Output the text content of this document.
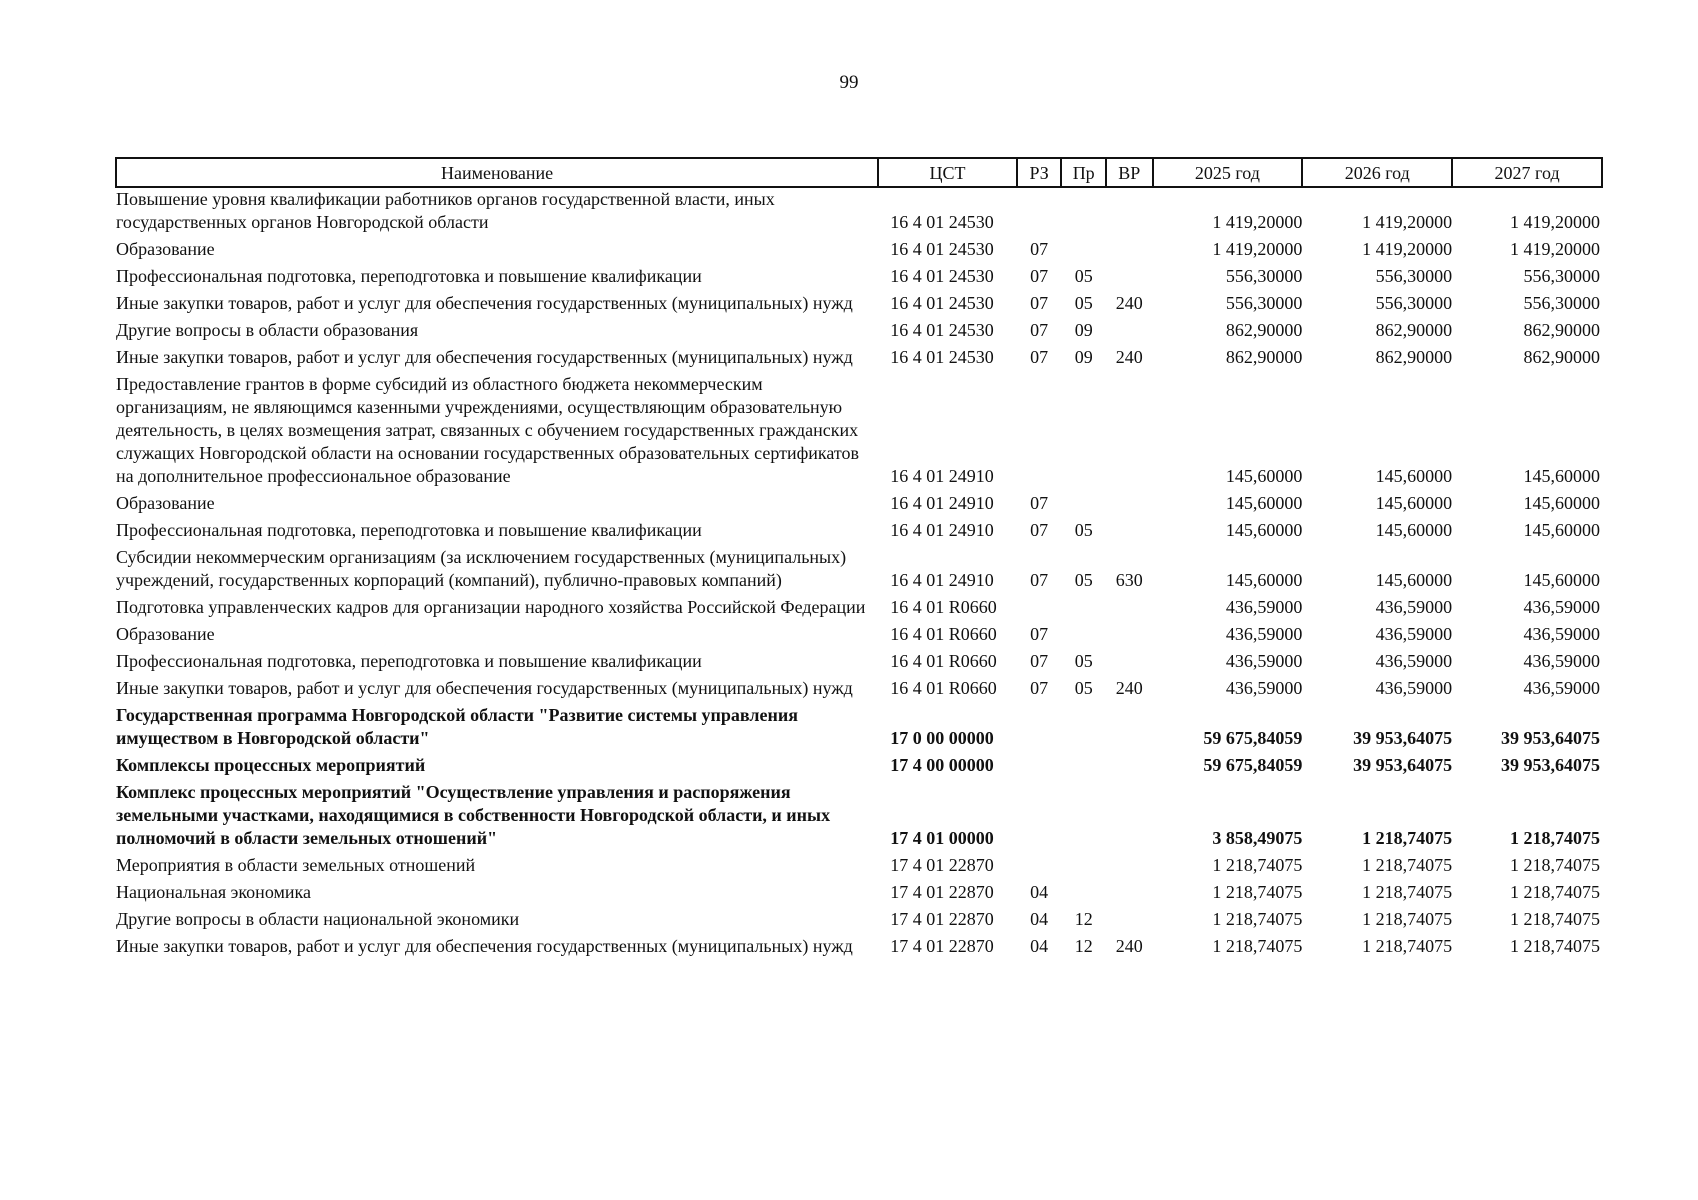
99
Наименование	ЦСТ	РЗ	Пр	ВР	2025 год	2026 год	2027 год
Повышение уровня квалификации работников органов государственной власти, иных государственных органов Новгородской области	16 4 01 24530				1 419,20000	1 419,20000	1 419,20000
Образование	16 4 01 24530	07			1 419,20000	1 419,20000	1 419,20000
Профессиональная подготовка, переподготовка и повышение квалификации	16 4 01 24530	07	05		556,30000	556,30000	556,30000
Иные закупки товаров, работ и услуг для обеспечения государственных (муниципальных) нужд	16 4 01 24530	07	05	240	556,30000	556,30000	556,30000
Другие вопросы в области образования	16 4 01 24530	07	09		862,90000	862,90000	862,90000
Иные закупки товаров, работ и услуг для обеспечения государственных (муниципальных) нужд	16 4 01 24530	07	09	240	862,90000	862,90000	862,90000
Предоставление грантов в форме субсидий из областного бюджета некоммерческим организациям, не являющимся казенными учреждениями, осуществляющим образовательную деятельность, в целях возмещения затрат, связанных с обучением государственных гражданских служащих Новгородской области на основании государственных образовательных сертификатов на дополнительное профессиональное образование	16 4 01 24910				145,60000	145,60000	145,60000
Образование	16 4 01 24910	07			145,60000	145,60000	145,60000
Профессиональная подготовка, переподготовка и повышение квалификации	16 4 01 24910	07	05		145,60000	145,60000	145,60000
Субсидии некоммерческим организациям (за исключением государственных (муниципальных) учреждений, государственных корпораций (компаний), публично-правовых компаний)	16 4 01 24910	07	05	630	145,60000	145,60000	145,60000
Подготовка управленческих кадров для организации народного хозяйства Российской Федерации	16 4 01 R0660				436,59000	436,59000	436,59000
Образование	16 4 01 R0660	07			436,59000	436,59000	436,59000
Профессиональная подготовка, переподготовка и повышение квалификации	16 4 01 R0660	07	05		436,59000	436,59000	436,59000
Иные закупки товаров, работ и услуг для обеспечения государственных (муниципальных) нужд	16 4 01 R0660	07	05	240	436,59000	436,59000	436,59000
Государственная программа Новгородской области "Развитие системы управления имуществом в Новгородской области"	17 0 00 00000				59 675,84059	39 953,64075	39 953,64075
Комплексы процессных мероприятий	17 4 00 00000				59 675,84059	39 953,64075	39 953,64075
Комплекс процессных мероприятий "Осуществление управления и распоряжения земельными участками, находящимися в собственности Новгородской области, и иных полномочий в области земельных отношений"	17 4 01 00000				3 858,49075	1 218,74075	1 218,74075
Мероприятия в области земельных отношений	17 4 01 22870				1 218,74075	1 218,74075	1 218,74075
Национальная экономика	17 4 01 22870	04			1 218,74075	1 218,74075	1 218,74075
Другие вопросы в области национальной экономики	17 4 01 22870	04	12		1 218,74075	1 218,74075	1 218,74075
Иные закупки товаров, работ и услуг для обеспечения государственных (муниципальных) нужд	17 4 01 22870	04	12	240	1 218,74075	1 218,74075	1 218,74075
